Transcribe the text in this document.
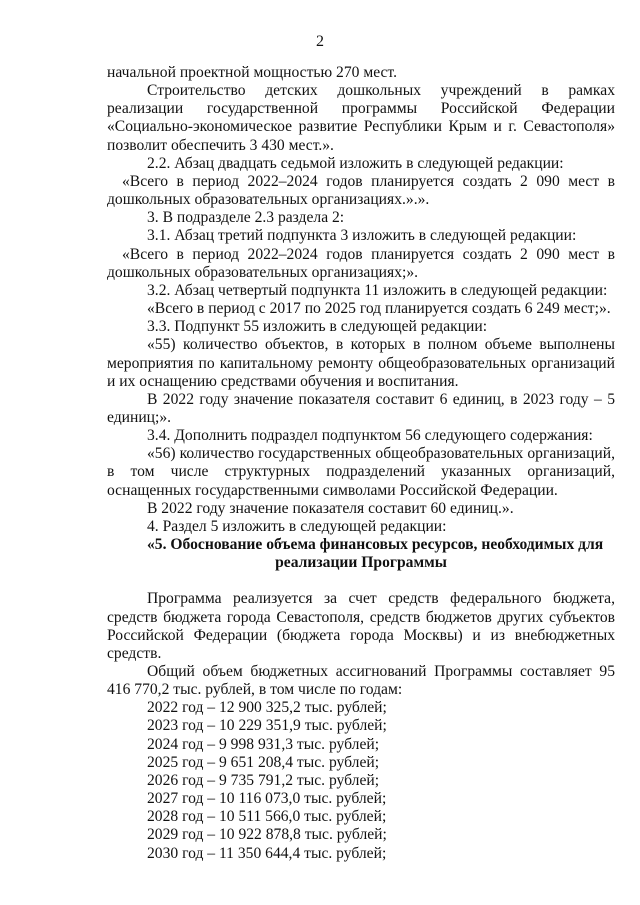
2

начальной проектной мощностью 270 мест.

Строительство детских дошкольных учреждений в рамках реализации государственной программы Российской Федерации «Социально-экономическое развитие Республики Крым и г. Севастополя» позволит обеспечить 3 430 мест.».

2.2. Абзац двадцать седьмой изложить в следующей редакции:

«Всего в период 2022–2024 годов планируется создать 2 090 мест в дошкольных образовательных организациях.».».

3. В подразделе 2.3 раздела 2:

3.1. Абзац третий подпункта 3 изложить в следующей редакции:

«Всего в период 2022–2024 годов планируется создать 2 090 мест в дошкольных образовательных организациях;».

3.2. Абзац четвертый подпункта 11 изложить в следующей редакции:

«Всего в период с 2017 по 2025 год планируется создать 6 249 мест;».

3.3. Подпункт 55 изложить в следующей редакции:

«55) количество объектов, в которых в полном объеме выполнены мероприятия по капитальному ремонту общеобразовательных организаций и их оснащению средствами обучения и воспитания.

В 2022 году значение показателя составит 6 единиц, в 2023 году – 5 единиц;».

3.4. Дополнить подраздел подпунктом 56 следующего содержания:

«56) количество государственных общеобразовательных организаций, в том числе структурных подразделений указанных организаций, оснащенных государственными символами Российской Федерации.

В 2022 году значение показателя составит 60 единиц.».

4. Раздел 5 изложить в следующей редакции:

«5. Обоснование объема финансовых ресурсов, необходимых для
реализации Программы

Программа реализуется за счет средств федерального бюджета, средств бюджета города Севастополя, средств бюджетов других субъектов Российской Федерации (бюджета города Москвы) и из внебюджетных средств.

Общий объем бюджетных ассигнований Программы составляет 95 416 770,2 тыс. рублей, в том числе по годам:

2022 год – 12 900 325,2 тыс. рублей;

2023 год – 10 229 351,9 тыс. рублей;

2024 год – 9 998 931,3 тыс. рублей;

2025 год – 9 651 208,4 тыс. рублей;

2026 год – 9 735 791,2 тыс. рублей;

2027 год – 10 116 073,0 тыс. рублей;

2028 год – 10 511 566,0 тыс. рублей;

2029 год – 10 922 878,8 тыс. рублей;

2030 год – 11 350 644,4 тыс. рублей;
